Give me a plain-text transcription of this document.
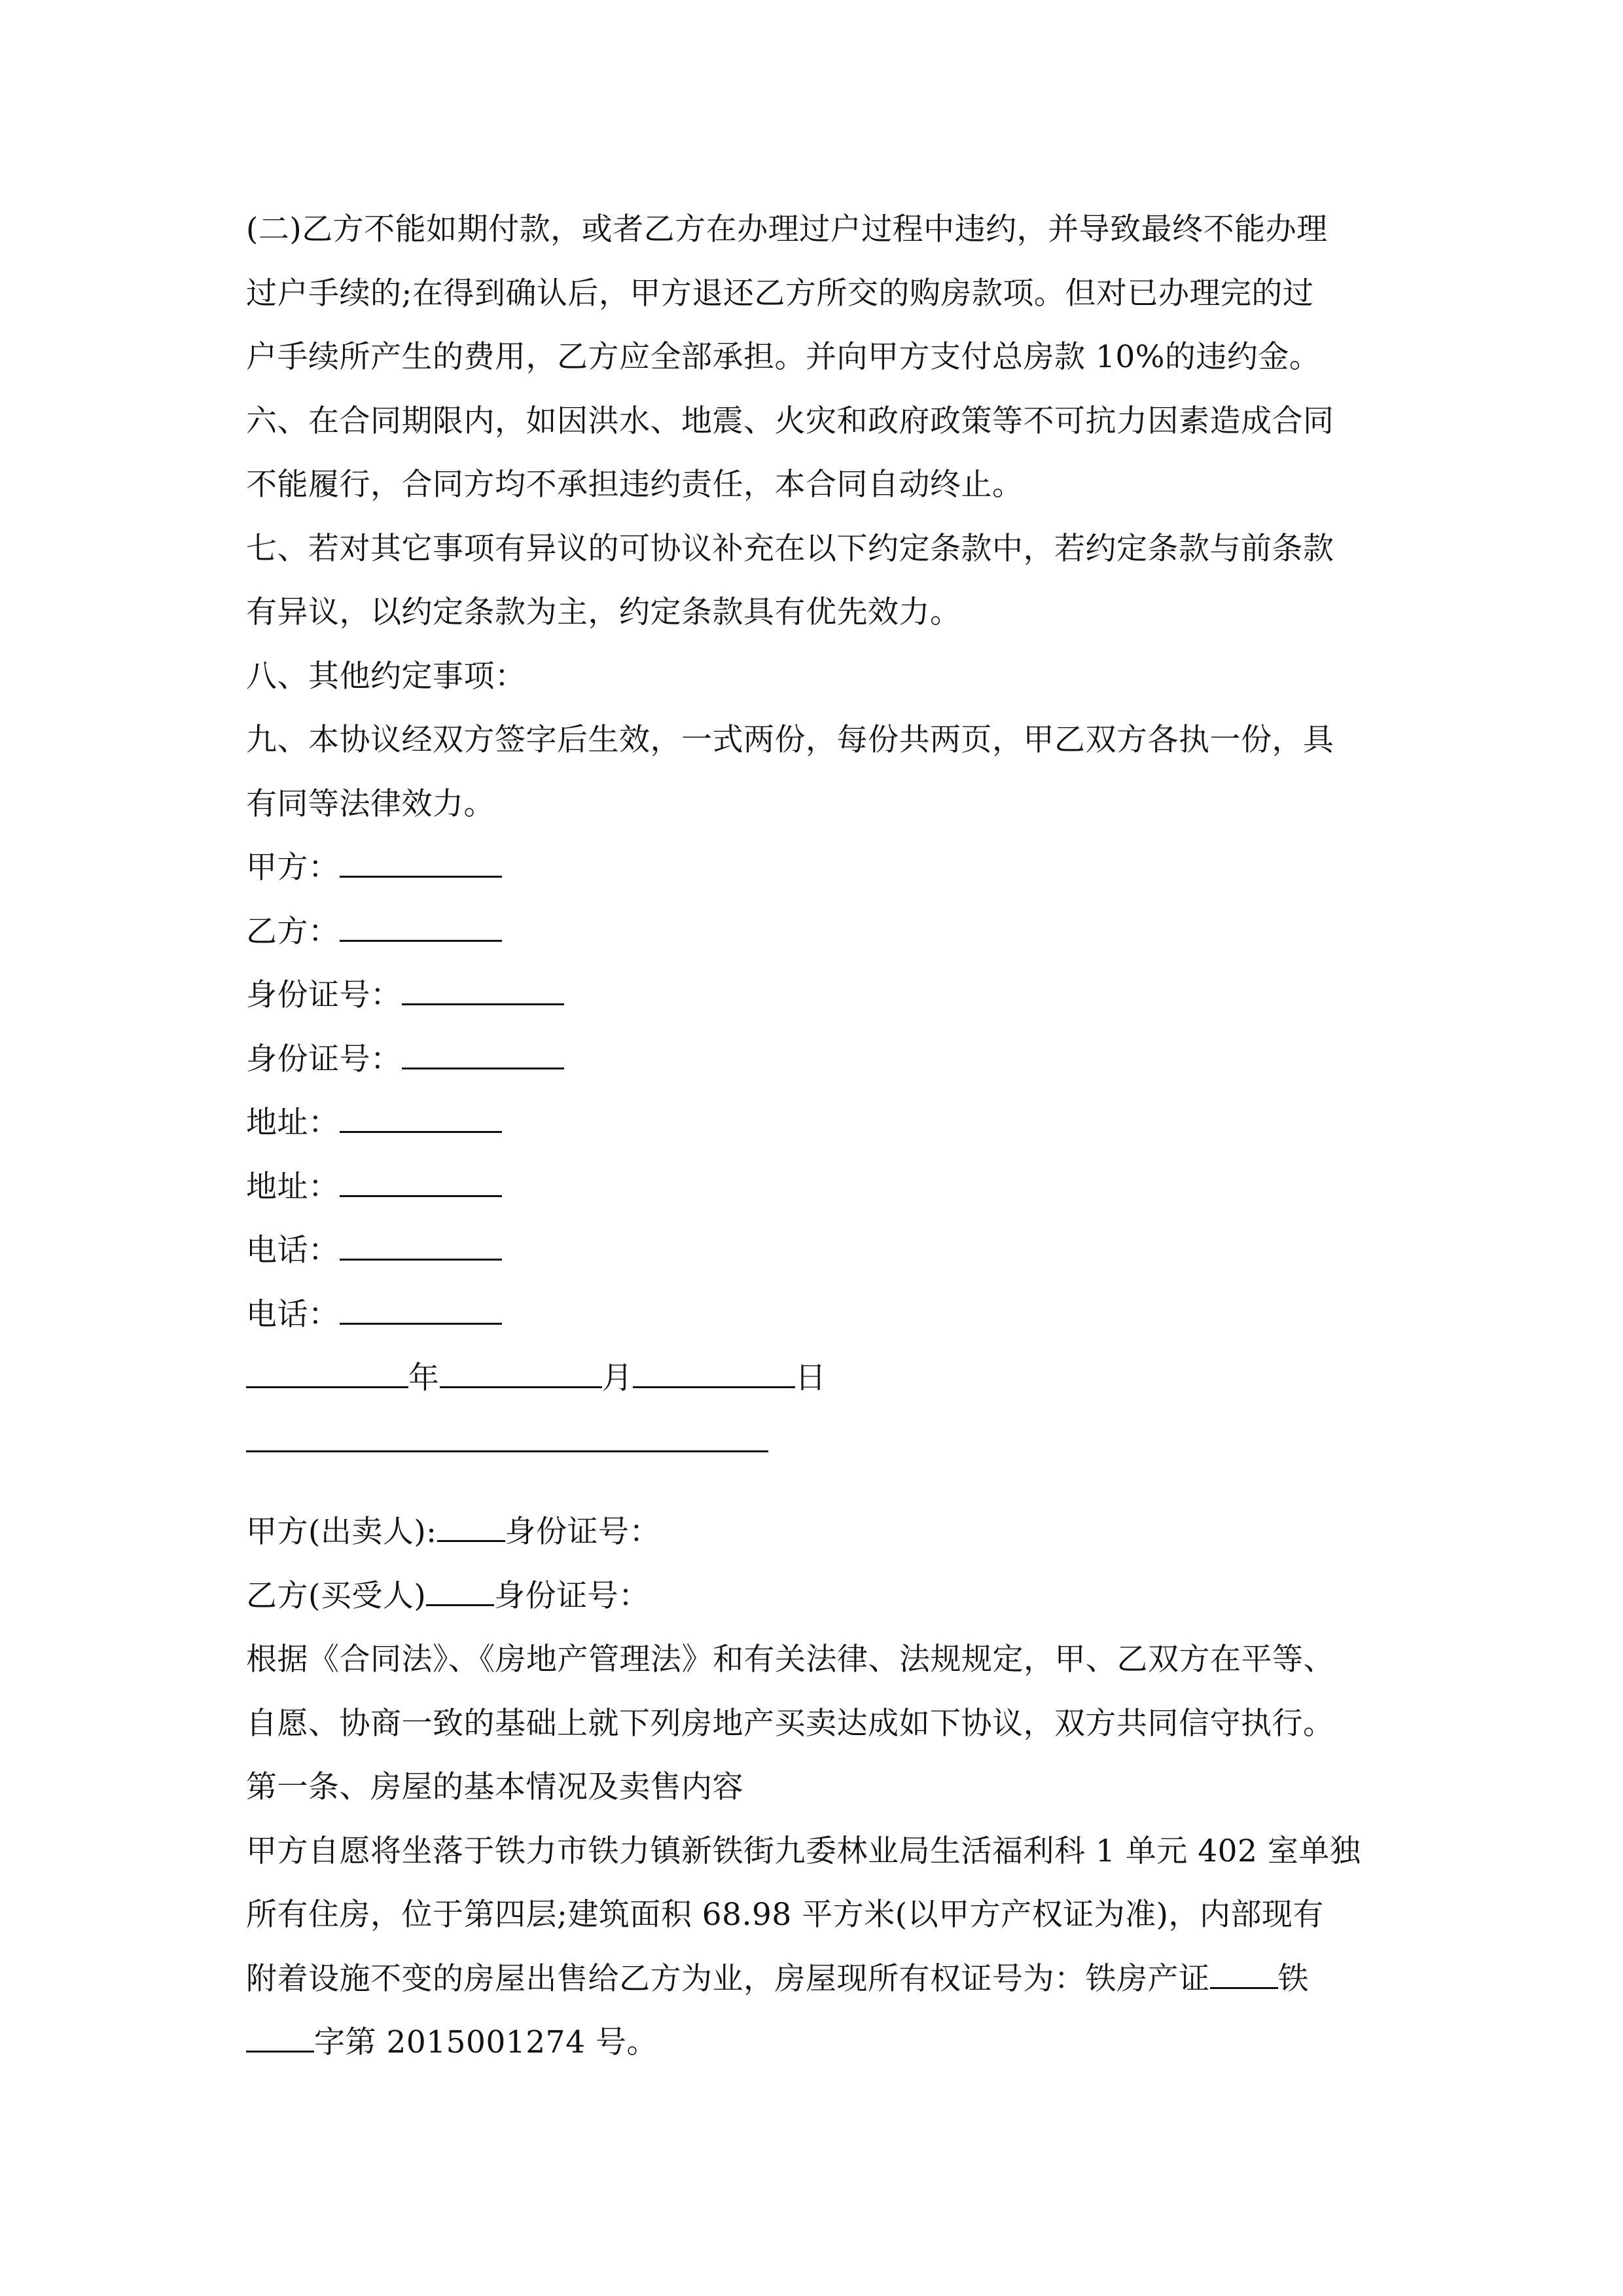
(二)乙方不能如期付款，或者乙方在办理过户过程中违约，并导致最终不能办理
过户手续的;在得到确认后，甲方退还乙方所交的购房款项。但对已办理完的过
户手续所产生的费用，乙方应全部承担。并向甲方支付总房款 10%的违约金。
六、在合同期限内，如因洪水、地震、火灾和政府政策等不可抗力因素造成合同
不能履行，合同方均不承担违约责任，本合同自动终止。
七、若对其它事项有异议的可协议补充在以下约定条款中，若约定条款与前条款
有异议，以约定条款为主，约定条款具有优先效力。
八、其他约定事项：
九、本协议经双方签字后生效，一式两份，每份共两页，甲乙双方各执一份，具
有同等法律效力。
甲方：
乙方：
身份证号：
身份证号：
地址：
地址：
电话：
电话：
年	月	日
甲方(出卖人): 身份证号：
乙方(买受人) 身份证号：
根据《合同法》、《房地产管理法》和有关法律、法规规定，甲、乙双方在平等、
自愿、协商一致的基础上就下列房地产买卖达成如下协议，双方共同信守执行。
第一条、房屋的基本情况及卖售内容
甲方自愿将坐落于铁力市铁力镇新铁街九委林业局生活福利科 1 单元 402 室单独
所有住房，位于第四层;建筑面积 68.98 平方米(以甲方产权证为准)，内部现有
附着设施不变的房屋出售给乙方为业，房屋现所有权证号为：铁房产证 铁
字第 2015001274 号。
